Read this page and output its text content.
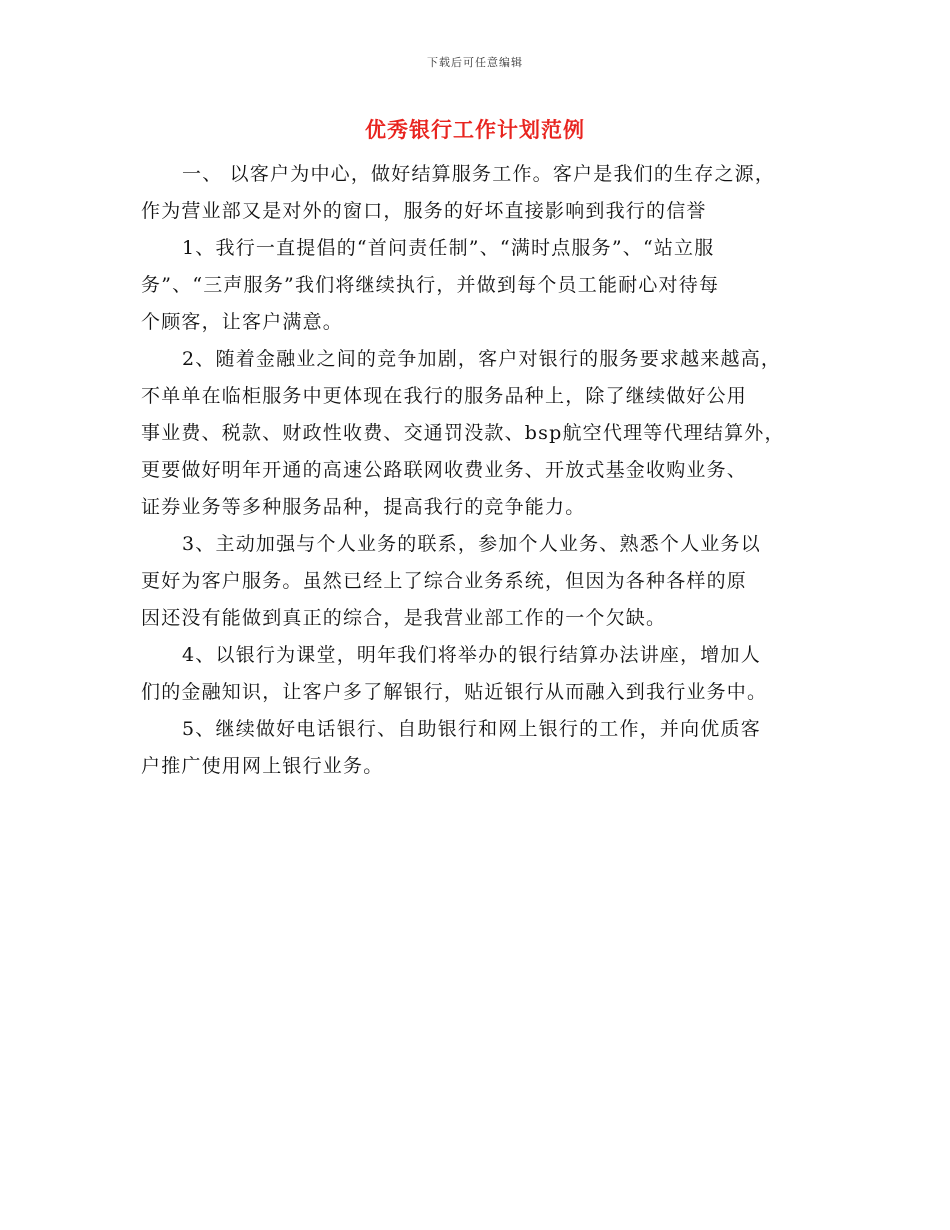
下载后可任意编辑
优秀银行工作计划范例
一、 以客户为中心，做好结算服务工作。客户是我们的生存之源，
作为营业部又是对外的窗口，服务的好坏直接影响到我行的信誉
1、我行一直提倡的“首问责任制”、“满时点服务”、“站立服
务”、“三声服务”我们将继续执行，并做到每个员工能耐心对待每
个顾客，让客户满意。
2、随着金融业之间的竞争加剧，客户对银行的服务要求越来越高，
不单单在临柜服务中更体现在我行的服务品种上，除了继续做好公用
事业费、税款、财政性收费、交通罚没款、bsp航空代理等代理结算外，
更要做好明年开通的高速公路联网收费业务、开放式基金收购业务、
证券业务等多种服务品种，提高我行的竞争能力。
3、主动加强与个人业务的联系，参加个人业务、熟悉个人业务以
更好为客户服务。虽然已经上了综合业务系统，但因为各种各样的原
因还没有能做到真正的综合，是我营业部工作的一个欠缺。
4、以银行为课堂，明年我们将举办的银行结算办法讲座，增加人
们的金融知识，让客户多了解银行，贴近银行从而融入到我行业务中。
5、继续做好电话银行、自助银行和网上银行的工作，并向优质客
户推广使用网上银行业务。
